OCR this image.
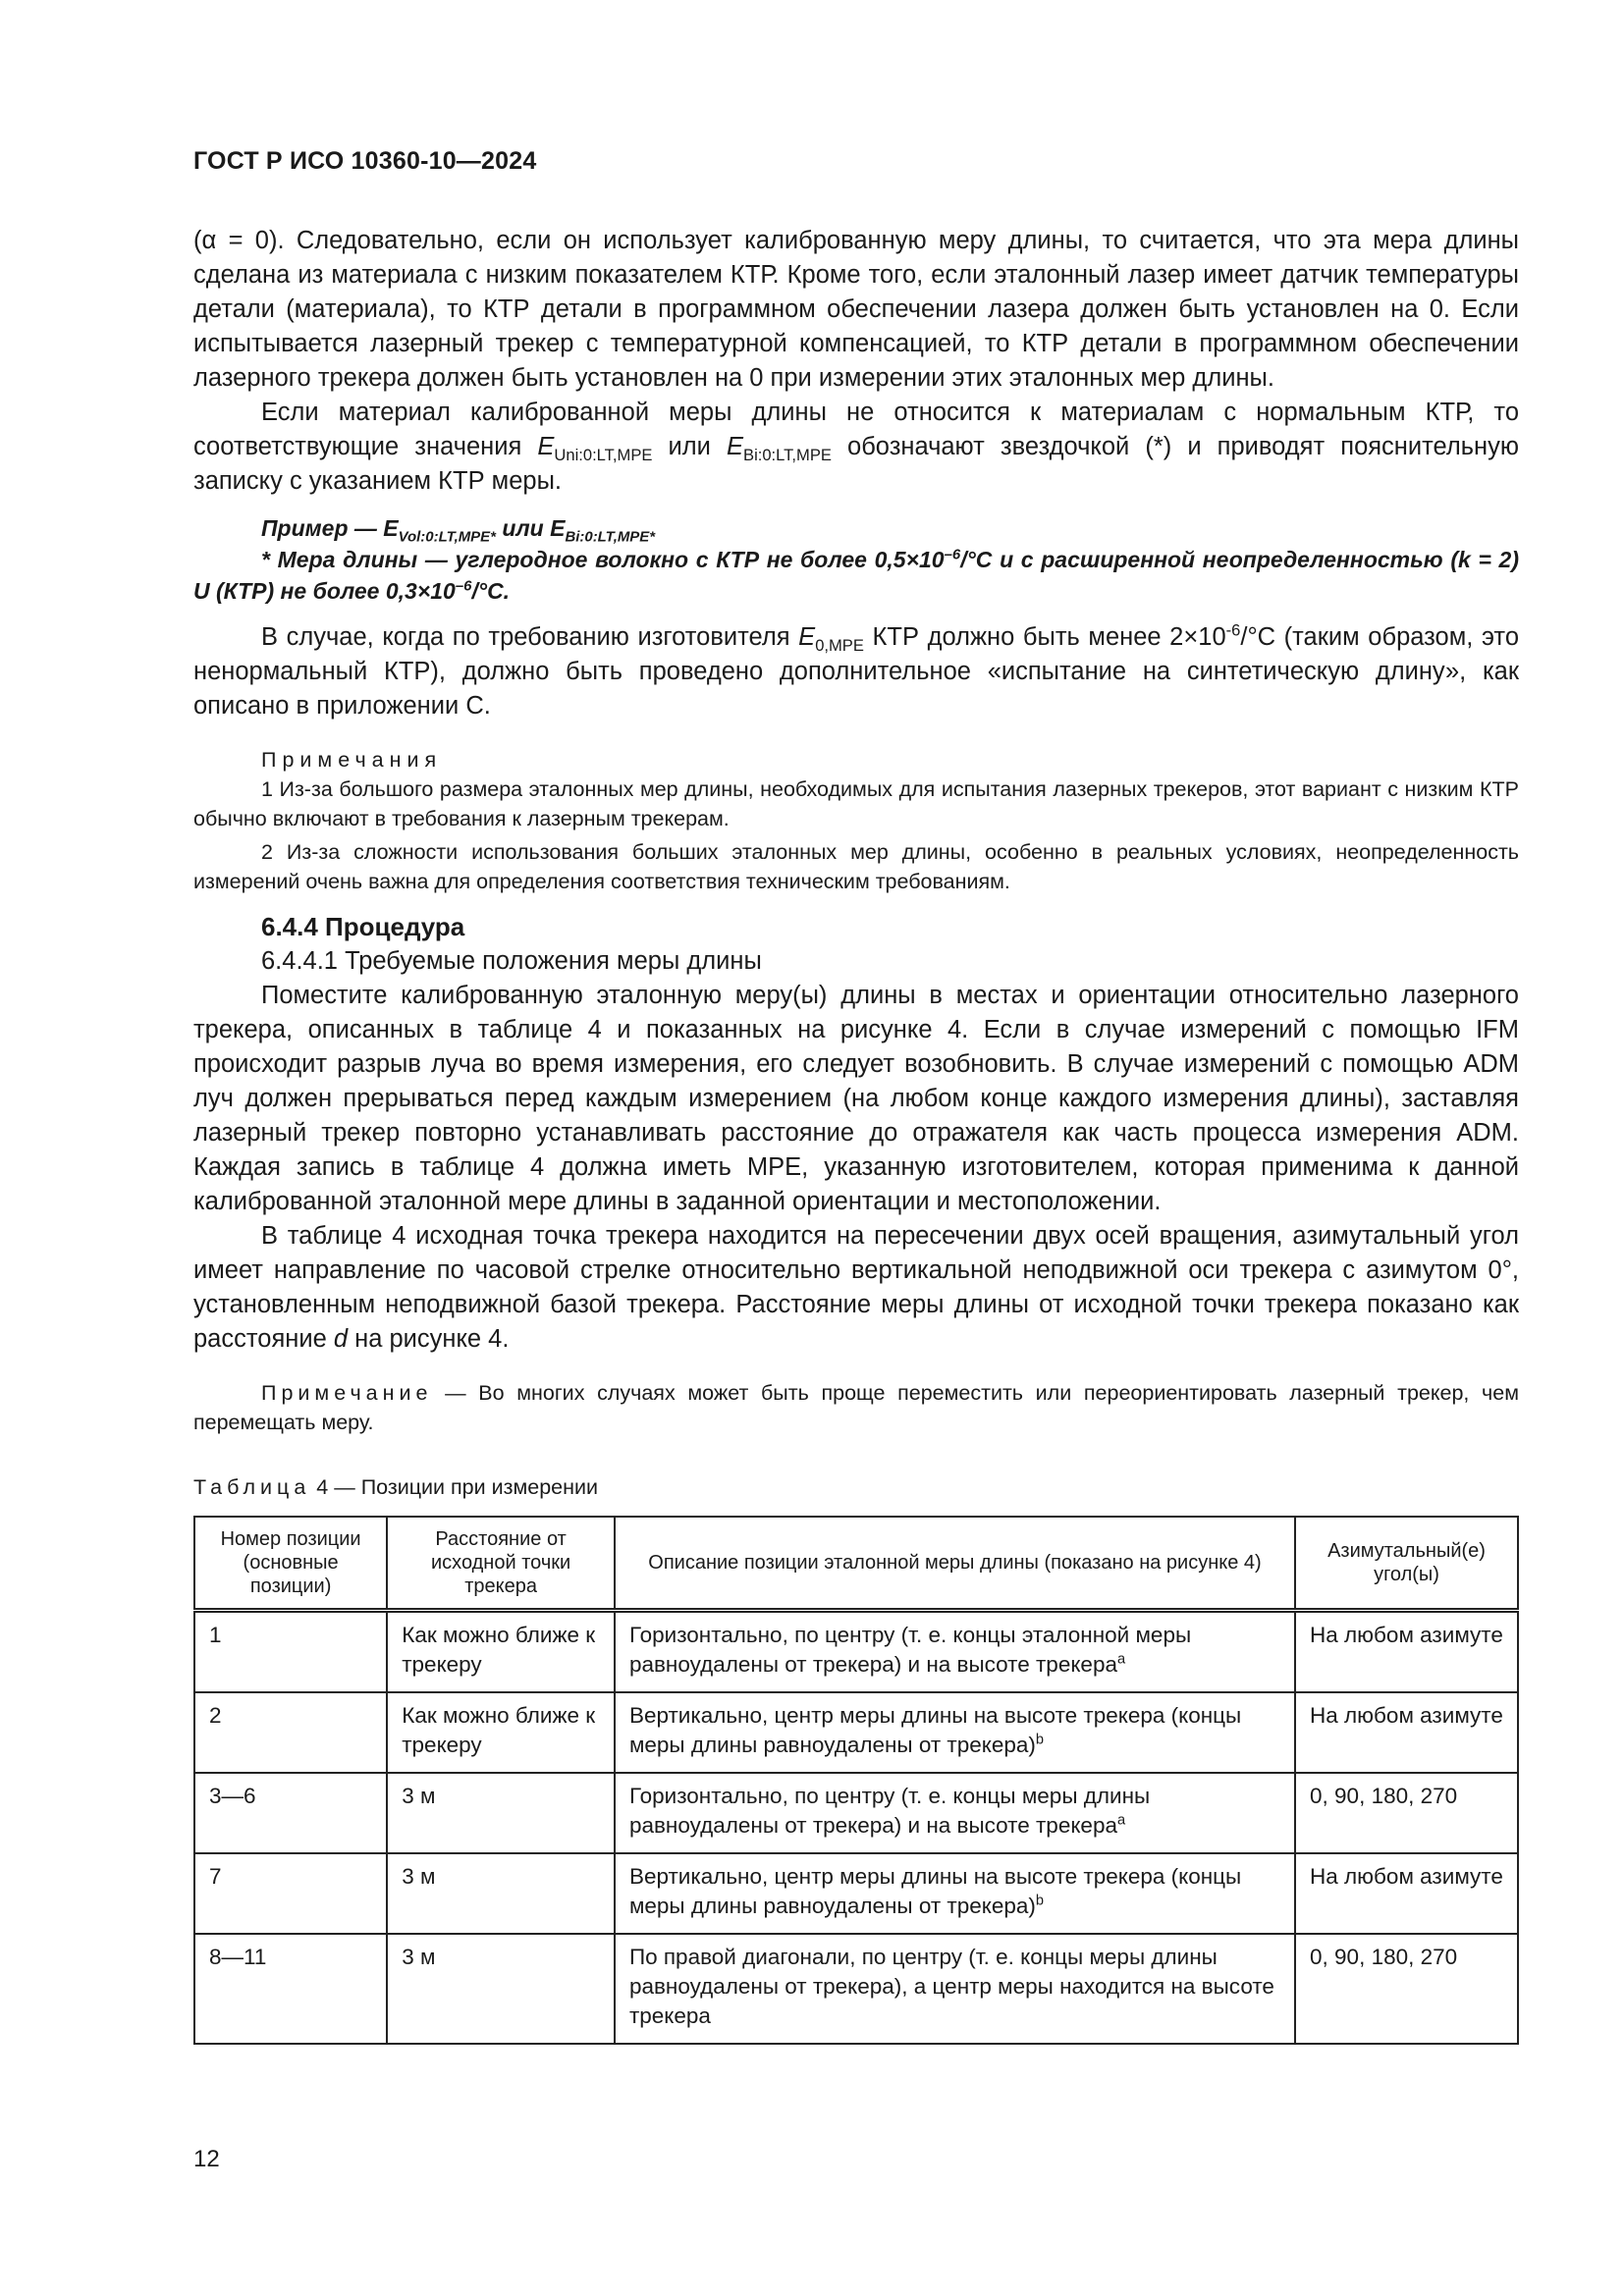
ГОСТ Р ИСО 10360-10—2024

(α = 0). Следовательно, если он использует калиброванную меру длины, то считается, что эта мера длины сделана из материала с низким показателем КТР. Кроме того, если эталонный лазер имеет датчик температуры детали (материала), то КТР детали в программном обеспечении лазера должен быть установлен на 0. Если испытывается лазерный трекер с температурной компенсацией, то КТР детали в программном обеспечении лазерного трекера должен быть установлен на 0 при измерении этих эталонных мер длины.

Если материал калиброванной меры длины не относится к материалам с нормальным КТР, то соответствующие значения $E_{Uni:0:LT,MPE}$ или $E_{Bi:0:LT,MPE}$ обозначают звездочкой (*) и приводят пояснительную записку с указанием КТР меры.

Пример — $E_{Vol:0:LT,MPE*}$ или $E_{Bi:0:LT,MPE*}$

* Мера длины — углеродное волокно с КТР не более $0,5\times 10^{-6}/^\circ С$ и с расширенной неопределенностью (k = 2) U (КТР) не более $0,3\times 10^{-6}/^\circ С$.

В случае, когда по требованию изготовителя $E_{0,MPE}$ КТР должно быть менее $2\times 10^{-6}/^\circ С$ (таким образом, это ненормальный КТР), должно быть проведено дополнительное «испытание на синтетическую длину», как описано в приложении С.

Примечания

1 Из-за большого размера эталонных мер длины, необходимых для испытания лазерных трекеров, этот вариант с низким КТР обычно включают в требования к лазерным трекерам.

2 Из-за сложности использования больших эталонных мер длины, особенно в реальных условиях, неопределенность измерений очень важна для определения соответствия техническим требованиям.

6.4.4 Процедура
6.4.4.1 Требуемые положения меры длины

Поместите калиброванную эталонную меру(ы) длины в местах и ориентации относительно лазерного трекера, описанных в таблице 4 и показанных на рисунке 4. Если в случае измерений с помощью IFM происходит разрыв луча во время измерения, его следует возобновить. В случае измерений с помощью ADM луч должен прерываться перед каждым измерением (на любом конце каждого измерения длины), заставляя лазерный трекер повторно устанавливать расстояние до отражателя как часть процесса измерения ADM. Каждая запись в таблице 4 должна иметь МРЕ, указанную изготовителем, которая применима к данной калиброванной эталонной мере длины в заданной ориентации и местоположении.

В таблице 4 исходная точка трекера находится на пересечении двух осей вращения, азимутальный угол имеет направление по часовой стрелке относительно вертикальной неподвижной оси трекера с азимутом 0°, установленным неподвижной базой трекера. Расстояние меры длины от исходной точки трекера показано как расстояние d на рисунке 4.

Примечание — Во многих случаях может быть проще переместить или переориентировать лазерный трекер, чем перемещать меру.

Таблица 4 — Позиции при измерении
Номер позиции (основные позиции)	Расстояние от исходной точки трекера	Описание позиции эталонной меры длины (показано на рисунке 4)	Азимутальный(е) угол(ы)
1	Как можно ближе к трекеру	Горизонтально, по центру (т. е. концы эталонной меры равноудалены от трекера) и на высоте трекера$^a$	На любом азимуте
2	Как можно ближе к трекеру	Вертикально, центр меры длины на высоте трекера (концы меры длины равноудалены от трекера)$^b$	На любом азимуте
3—6	3 м	Горизонтально, по центру (т. е. концы меры длины равноудалены от трекера) и на высоте трекера$^a$	0, 90, 180, 270
7	3 м	Вертикально, центр меры длины на высоте трекера (концы меры длины равноудалены от трекера)$^b$	На любом азимуте
8—11	3 м	По правой диагонали, по центру (т. е. концы меры длины равноудалены от трекера), а центр меры находится на высоте трекера	0, 90, 180, 270
12
